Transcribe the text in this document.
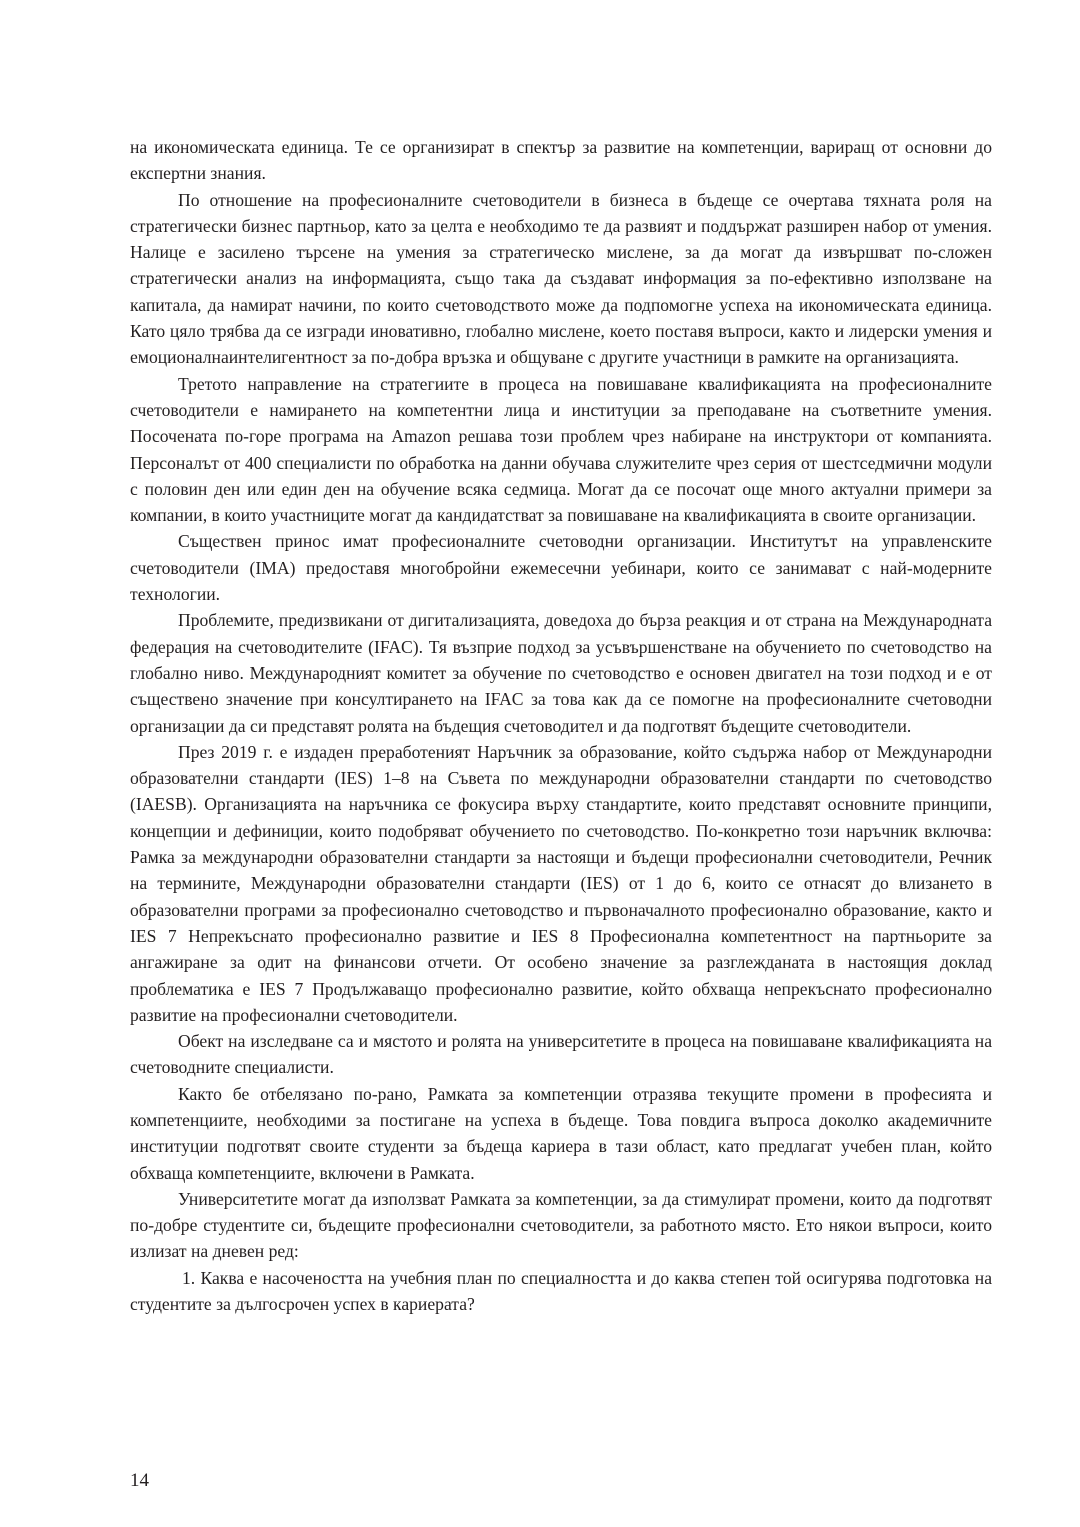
на икономическата единица. Те се организират в спектър за развитие на компетенции, вариращ от основни до експертни знания.

По отношение на професионалните счетоводители в бизнеса в бъдеще се очертава тяхната роля на стратегически бизнес партньор, като за целта е необходимо те да развият и поддържат разширен набор от умения. Налице е засилено търсене на умения за стратегическо мислене, за да могат да извършват по-сложен стратегически анализ на информацията, също така да създават информация за по-ефективно използване на капитала, да намират начини, по които счетоводството може да подпомогне успеха на икономическата единица. Като цяло трябва да се изгради иновативно, глобално мислене, което поставя въпроси, както и лидерски умения и емоционалнаинтелигентност за по-добра връзка и общуване с другите участници в рамките на организацията.

Третото направление на стратегиите в процеса на повишаване квалификацията на професионалните счетоводители е намирането на компетентни лица и институции за преподаване на съответните умения. Посочената по-горе програма на Amazon решава този проблем чрез набиране на инструктори от компанията. Персоналът от 400 специалисти по обработка на данни обучава служителите чрез серия от шестседмични модули с половин ден или един ден на обучение всяка седмица. Могат да се посочат още много актуални примери за компании, в които участниците могат да кандидатстват за повишаване на квалификацията в своите организации.

Съществен принос имат професионалните счетоводни организации. Институтът на управленските счетоводители (IMA) предоставя многобройни ежемесечни уебинари, които се занимават с най-модерните технологии.

Проблемите, предизвикани от дигитализацията, доведоха до бърза реакция и от страна на Международната федерация на счетоводителите (IFAC). Тя възприе подход за усъвършенстване на обучението по счетоводство на глобално ниво. Международният комитет за обучение по счетоводство е основен двигател на този подход и е от съществено значение при консултирането на IFAC за това как да се помогне на професионалните счетоводни организации да си представят ролята на бъдещия счетоводител и да подготвят бъдещите счетоводители.

През 2019 г. е издаден преработеният Наръчник за образование, който съдържа набор от Международни образователни стандарти (IES) 1–8 на Съвета по международни образователни стандарти по счетоводство (IAESB). Организацията на наръчника се фокусира върху стандартите, които представят основните принципи, концепции и дефиниции, които подобряват обучението по счетоводство. По-конкретно този наръчник включва: Рамка за международни образователни стандарти за настоящи и бъдещи професионални счетоводители, Речник на термините, Международни образователни стандарти (IES) от 1 до 6, които се отнасят до влизането в образователни програми за професионално счетоводство и първоначалното професионално образование, както и IES 7 Непрекъснато професионално развитие и IES 8 Професионална компетентност на партньорите за ангажиране за одит на финансови отчети. От особено значение за разглежданата в настоящия доклад проблематика е IES 7 Продължаващо професионално развитие, който обхваща непрекъснато професионално развитие на професионални счетоводители.

Обект на изследване са и мястото и ролята на университетите в процеса на повишаване квалификацията на счетоводните специалисти.

Както бе отбелязано по-рано, Рамката за компетенции отразява текущите промени в професията и компетенциите, необходими за постигане на успеха в бъдеще. Това повдига въпроса доколко академичните институции подготвят своите студенти за бъдеща кариера в тази област, като предлагат учебен план, който обхваща компетенциите, включени в Рамката.

Университетите могат да използват Рамката за компетенции, за да стимулират промени, които да подготвят по-добре студентите си, бъдещите професионални счетоводители, за работното място. Ето някои въпроси, които излизат на дневен ред:

1. Каква е насочеността на учебния план по специалността и до каква степен той осигурява подготовка на студентите за дългосрочен успех в кариерата?

14
